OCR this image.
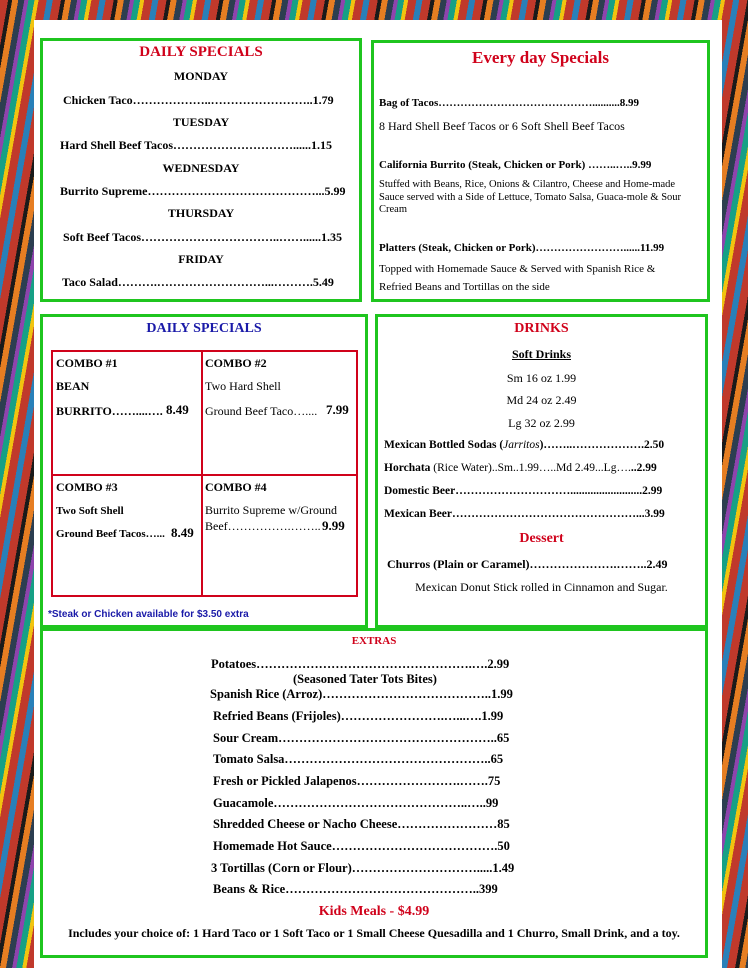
DAILY SPECIALS
MONDAY
Chicken Taco………………..……………………..1.79
TUESDAY
Hard Shell Beef Tacos…………………………......1.15
WEDNESDAY
Burrito Supreme……………………………………...5.99
THURSDAY
Soft Beef Tacos……………………………..……......1.35
FRIDAY
Taco Salad……….………………………...……….5.49
Every day Specials
Bag of Tacos……………………………………..........8.99
8 Hard Shell Beef Tacos or 6 Soft Shell Beef Tacos
California Burrito (Steak, Chicken or Pork) ……..…..9.99
Stuffed with Beans, Rice, Onions & Cilantro, Cheese and Home-made
Sauce served with a Side of Lettuce, Tomato Salsa, Guaca-mole & Sour
Cream
Platters (Steak, Chicken or Pork)……………………......11.99
Topped with Homemade Sauce & Served with Spanish Rice &
Refried Beans and Tortillas on the side
DAILY SPECIALS
COMBO #1
BEAN
BURRITO……....…. 8.49
COMBO #2
Two Hard Shell
Ground Beef Taco….... 7.99
COMBO #3
Two Soft Shell
Ground Beef Tacos…... 8.49
COMBO #4
Burrito Supreme w/Ground
Beef…………….…….. 9.99
*Steak or Chicken available for $3.50 extra
DRINKS
Soft Drinks
Sm 16 oz 1.99
Md 24 oz 2.49
Lg 32 oz 2.99
Mexican Bottled Sodas (Jarritos)……..……………….2.50
Horchata (Rice Water)..Sm..1.99…..Md 2.49...Lg…...2.99
Domestic Beer………………………….........................2.99
Mexican Beer…………………………………………...3.99
Dessert
Churros (Plain or Caramel)………………….……..2.49
Mexican Donut Stick rolled in Cinnamon and Sugar.
EXTRAS
Potatoes…………………………………………….….2.99
(Seasoned Tater Tots Bites)
Spanish Rice (Arroz)…………………………………..1.99
Refried Beans (Frijoles)…………………….…...….1.99
Sour Cream……………………………………………..65
Tomato Salsa…………………………………………..65
Fresh or Pickled Jalapenos…………………….…….75
Guacamole………………………………………..…..99
Shredded Cheese or Nacho Cheese……………………85
Homemade Hot Sauce………………………………….50
3 Tortillas (Corn or Flour)………………………….....1.49
Beans & Rice………………………………………..399
Kids Meals - $4.99
Includes your choice of: 1 Hard Taco or 1 Soft Taco or 1 Small Cheese Quesadilla and 1 Churro, Small Drink, and a toy.
